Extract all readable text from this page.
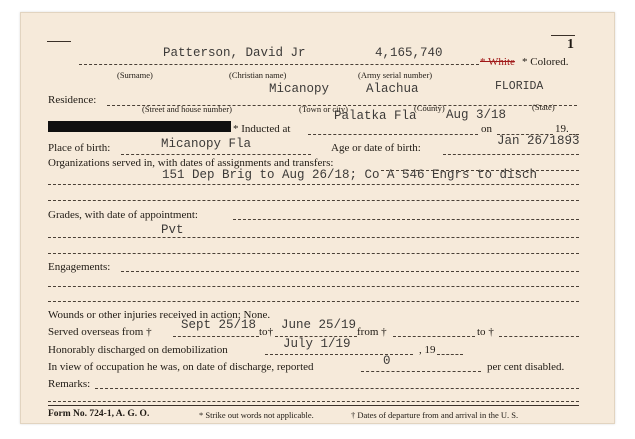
1
Patterson, David Jr	4,165,740
* White * Colored.
(Surname)	(Christian name)	(Army serial number)
Micanopy	Alachua	FLORIDA
Residence:
(Street and house number)	(Town or city)	(County)	(State)
Palatka Fla Aug 3/18
* Inducted at	on	19.
Place of birth:	Micanopy Fla	Age or date of birth:	Jan 26/1893
Organizations served in, with dates of assignments and transfers:
151 Dep Brig to Aug 26/18; Co A 546 Engrs to disch
Grades, with date of appointment:
Pvt
Engagements:
Wounds or other injuries received in action: None.
Served overseas from † Sept 25/18 to† June 25/19 from †	to †
Honorably discharged on demobilization	July 1/19	, 19
In view of occupation he was, on date of discharge, reported	0	per cent disabled.
Remarks:
Form No. 724-1, A. G. O.	* Strike out words not applicable.	† Dates of departure from and arrival in the U. S.
